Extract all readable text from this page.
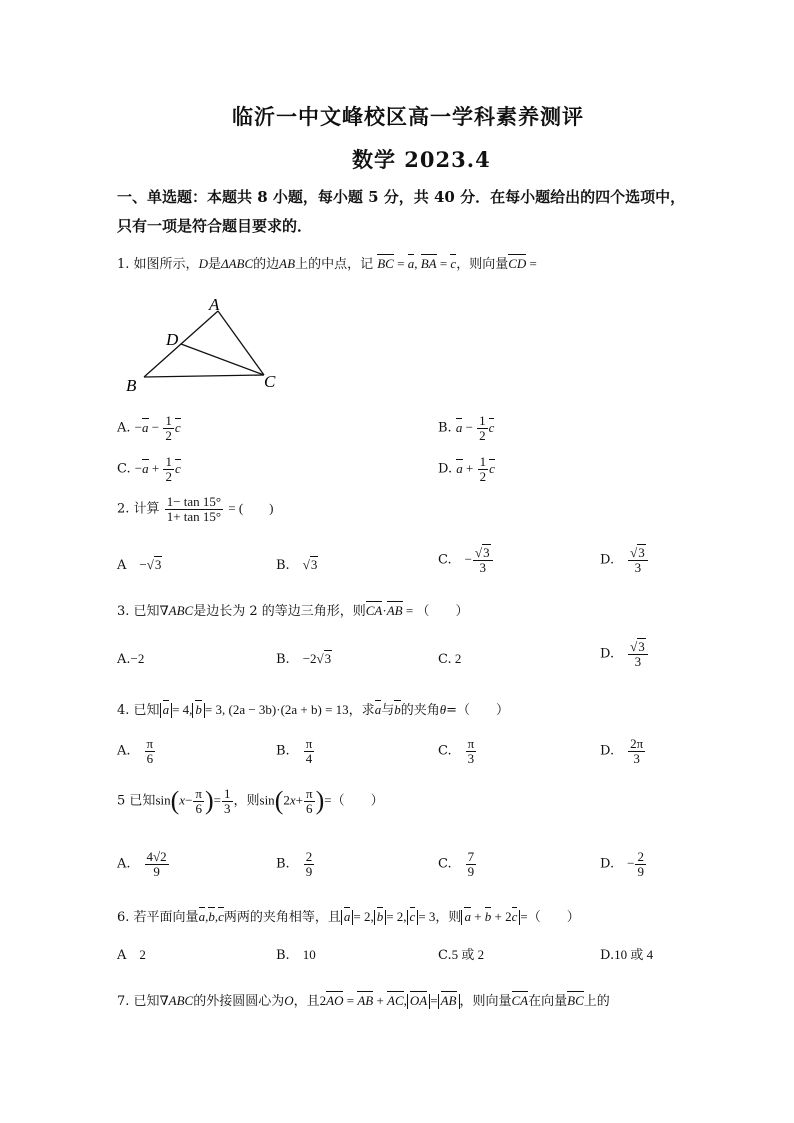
临沂一中文峰校区高一学科素养测评
数学 2023.4
一、单选题：本题共 8 小题，每小题 5 分，共 40 分．在每小题给出的四个选项中，
只有一项是符合题目要求的．
1. 如图所示，D是ΔABC的边AB上的中点，记 BC = a, BA = c，则向量CD =
A
D
B	C
A. $-a - \frac{1}{2}$ c	B. $a - \frac{1}{2}$ c
C. $-a + \frac{1}{2}$ c	D. $a + \frac{1}{2}$ c
2. 计算 $\frac{1- \tan 15^\circ}{1+ \tan 15^\circ}$ = (　　)
A　−√3	B.　 √3	C.　− $\frac{√3}{3}$	D.　 $\frac{√3}{3}$
3. 已知∇ABC是边长为 2 的等边三角形，则CA·AB = （　　）
A.−2	B.　−2√3	C. 2	D.　 $\frac{√3}{3}$
4. 已知 a = 4, b = 3, (2a − 3b)·(2a + b) = 13，求a与b的夹角θ=（　　）
A.　 $\frac{\pi}{6}$	B.　 $\frac{\pi}{4}$	C.　 $\frac{\pi}{3}$	D.　 $\frac{2\pi}{3}$
5 已知$\sin(x- \frac{\pi}{6}$ )= $\frac{1}{3}$ ，则$\sin(2x+ \frac{\pi}{6}$ )=（　　）
A.　 $\frac{4√2}{9}$	B.　 $\frac{2}{9}$	C.　 $\frac{7}{9}$	D.　 − $\frac{2}{9}$
6. 若平面向量a,b,c两两的夹角相等，且 a = 2, b = 2, c = 3，则 a + b + 2c =（　　）
A　 2	B.　 10	C.5 或 2	D.10 或 4
7. 已知∇ABC的外接圆圆心为O，且2AO = AB + AC, OA = AB ，则向量CA在向量BC上的
